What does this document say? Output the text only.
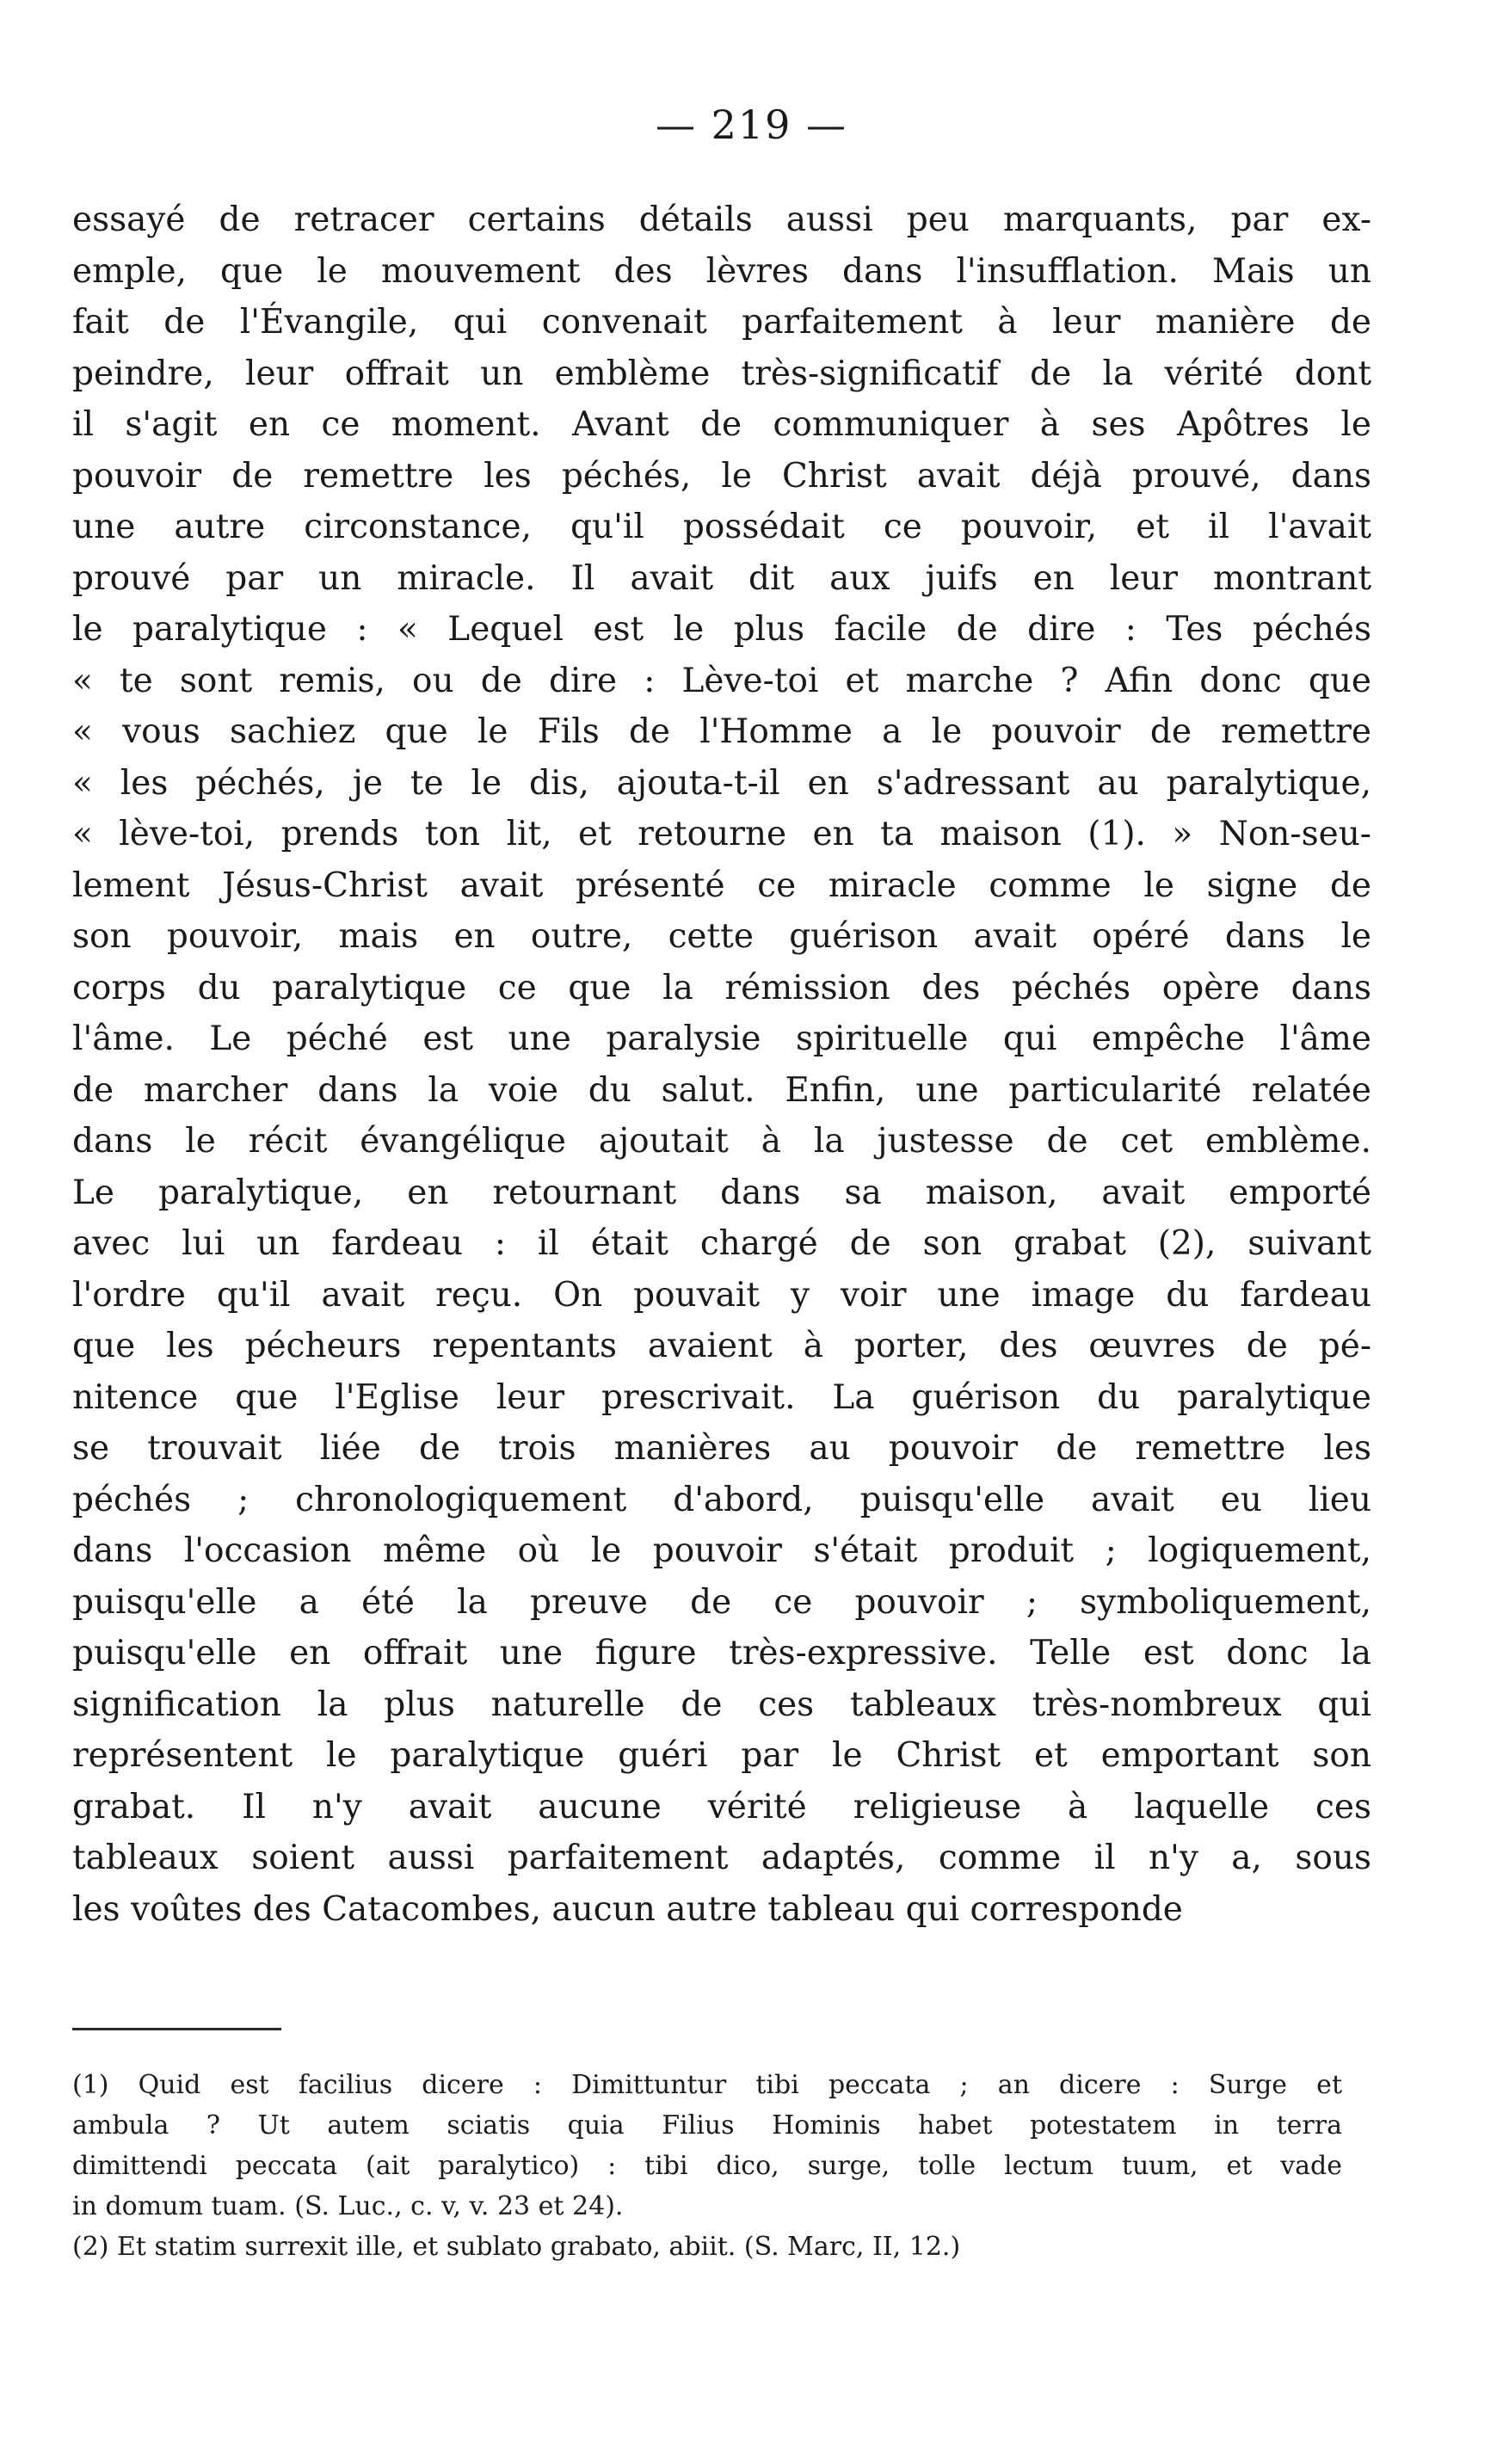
— 219 —
essayé de retracer certains détails aussi peu marquants, par ex-
emple, que le mouvement des lèvres dans l'insufflation. Mais un
fait de l'Évangile, qui convenait parfaitement à leur manière de
peindre, leur offrait un emblème très-significatif de la vérité dont
il s'agit en ce moment. Avant de communiquer à ses Apôtres le
pouvoir de remettre les péchés, le Christ avait déjà prouvé, dans
une autre circonstance, qu'il possédait ce pouvoir, et il l'avait
prouvé par un miracle. Il avait dit aux juifs en leur montrant
le paralytique : « Lequel est le plus facile de dire : Tes péchés
« te sont remis, ou de dire : Lève-toi et marche ? Afin donc que
« vous sachiez que le Fils de l'Homme a le pouvoir de remettre
« les péchés, je te le dis, ajouta-t-il en s'adressant au paralytique,
« lève-toi, prends ton lit, et retourne en ta maison (1). » Non-seu-
lement Jésus-Christ avait présenté ce miracle comme le signe de
son pouvoir, mais en outre, cette guérison avait opéré dans le
corps du paralytique ce que la rémission des péchés opère dans
l'âme. Le péché est une paralysie spirituelle qui empêche l'âme
de marcher dans la voie du salut. Enfin, une particularité relatée
dans le récit évangélique ajoutait à la justesse de cet emblème.
Le paralytique, en retournant dans sa maison, avait emporté
avec lui un fardeau : il était chargé de son grabat (2), suivant
l'ordre qu'il avait reçu. On pouvait y voir une image du fardeau
que les pécheurs repentants avaient à porter, des œuvres de pé-
nitence que l'Eglise leur prescrivait. La guérison du paralytique
se trouvait liée de trois manières au pouvoir de remettre les
péchés ; chronologiquement d'abord, puisqu'elle avait eu lieu
dans l'occasion même où le pouvoir s'était produit ; logiquement,
puisqu'elle a été la preuve de ce pouvoir ; symboliquement,
puisqu'elle en offrait une figure très-expressive. Telle est donc la
signification la plus naturelle de ces tableaux très-nombreux qui
représentent le paralytique guéri par le Christ et emportant son
grabat. Il n'y avait aucune vérité religieuse à laquelle ces
tableaux soient aussi parfaitement adaptés, comme il n'y a, sous
les voûtes des Catacombes, aucun autre tableau qui corresponde
(1) Quid est facilius dicere : Dimittuntur tibi peccata ; an dicere : Surge et
ambula ? Ut autem sciatis quia Filius Hominis habet potestatem in terra
dimittendi peccata (ait paralytico) : tibi dico, surge, tolle lectum tuum, et vade
in domum tuam. (S. Luc., c. v, v. 23 et 24).
(2) Et statim surrexit ille, et sublato grabato, abiit. (S. Marc, II, 12.)
